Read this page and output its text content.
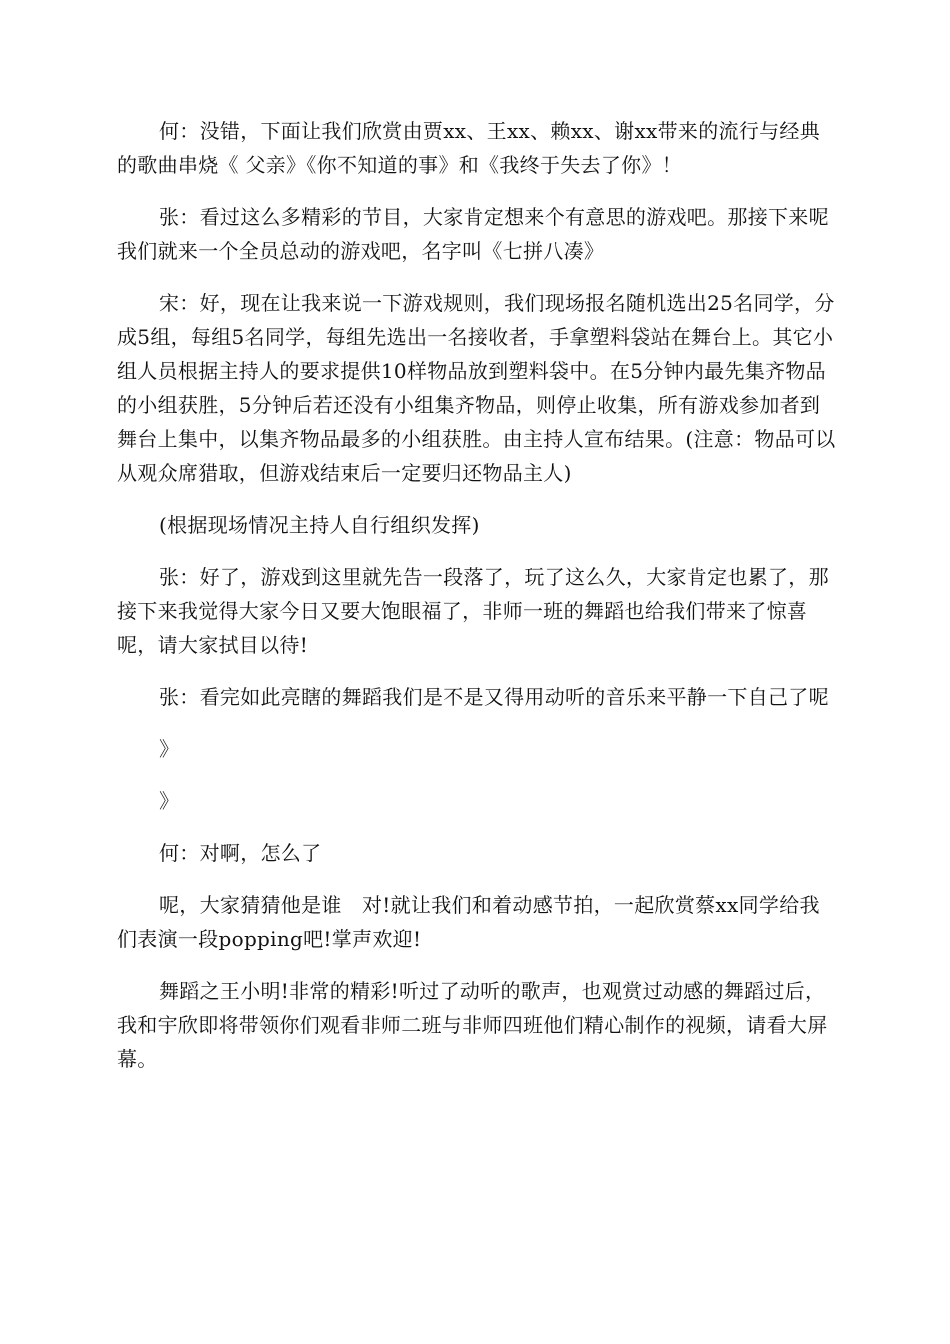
何：没错，下面让我们欣赏由贾xx、王xx、赖xx、谢xx带来的流行与经典的歌曲串烧《 父亲》《你不知道的事》和《我终于失去了你》！

张：看过这么多精彩的节目，大家肯定想来个有意思的游戏吧。那接下来呢我们就来一个全员总动的游戏吧，名字叫《七拼八凑》

宋：好，现在让我来说一下游戏规则，我们现场报名随机选出25名同学，分成5组，每组5名同学，每组先选出一名接收者，手拿塑料袋站在舞台上。其它小组人员根据主持人的要求提供10样物品放到塑料袋中。在5分钟内最先集齐物品的小组获胜，5分钟后若还没有小组集齐物品，则停止收集，所有游戏参加者到舞台上集中，以集齐物品最多的小组获胜。由主持人宣布结果。(注意：物品可以从观众席猎取，但游戏结束后一定要归还物品主人)

(根据现场情况主持人自行组织发挥)

张：好了，游戏到这里就先告一段落了，玩了这么久，大家肯定也累了，那接下来我觉得大家今日又要大饱眼福了，非师一班的舞蹈也给我们带来了惊喜呢，请大家拭目以待!

张：看完如此亮瞎的舞蹈我们是不是又得用动听的音乐来平静一下自己了呢

》

》

何：对啊，怎么了

呢，大家猜猜他是谁　对!就让我们和着动感节拍，一起欣赏蔡xx同学给我们表演一段popping吧!掌声欢迎!

舞蹈之王小明!非常的精彩!听过了动听的歌声，也观赏过动感的舞蹈过后，我和宇欣即将带领你们观看非师二班与非师四班他们精心制作的视频，请看大屏幕。
